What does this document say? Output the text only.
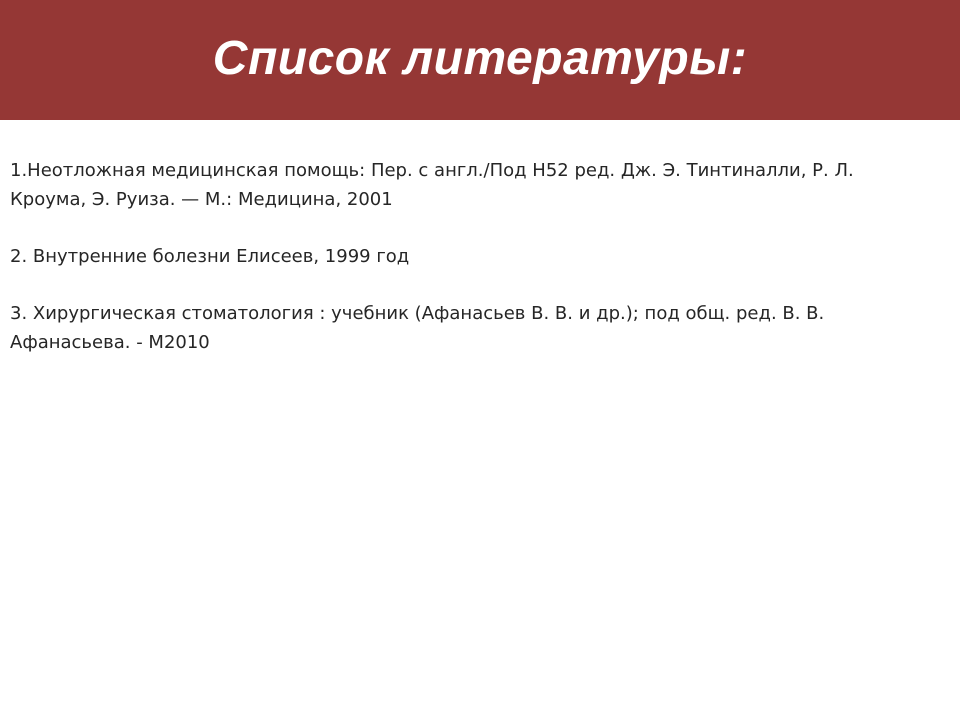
Список литературы:

1.Неотложная медицинская помощь: Пер. с англ./Под Н52 ред. Дж. Э. Тинтиналли, Р. Л.
Кроума, Э. Руиза. — М.: Медицина, 2001

2. Внутренние болезни Елисеев, 1999 год

3. Хирургическая стоматология : учебник (Афанасьев В. В. и др.); под общ. ред. В. В.
Афанасьева. - М2010
